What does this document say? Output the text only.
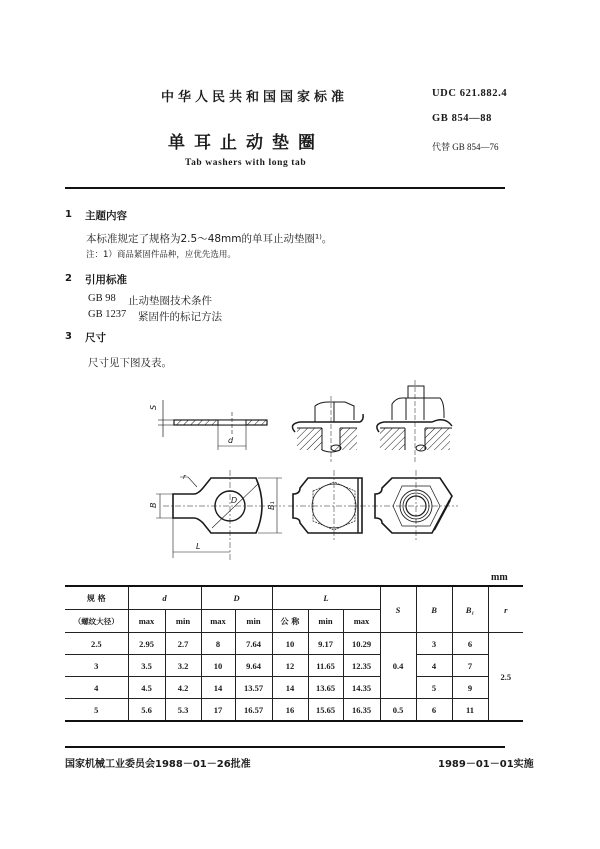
中华人民共和国国家标准
单耳止动垫圈
Tab washers with long tab
UDC 621.882.4
GB 854—88
代替 GB 854—76
1 主题内容
本标准规定了规格为2.5～48mm的单耳止动垫圈¹⁾。
注：1）商品紧固件品种，应优先选用。
2 引用标准
GB 98 止动垫圈技术条件
GB 1237 紧固件的标记方法
3 尺寸
尺寸见下图及表。
S
d
r
D
B	B₁
L
mm
规 格	d		D		L			S	B	B₁	r
（螺纹大径）	max	min	max	min	公 称	min	max				
2.5	2.95	2.7	8	7.64	10	9.17	10.29	0.4	3	6	2.5
3	3.5	3.2	10	9.64	12	11.65	12.35		4	7	
4	4.5	4.2	14	13.57	14	13.65	14.35		5	9	
5	5.6	5.3	17	16.57	16	15.65	16.35	0.5	6	11	
国家机械工业委员会1988－01－26批准	1989－01－01实施
